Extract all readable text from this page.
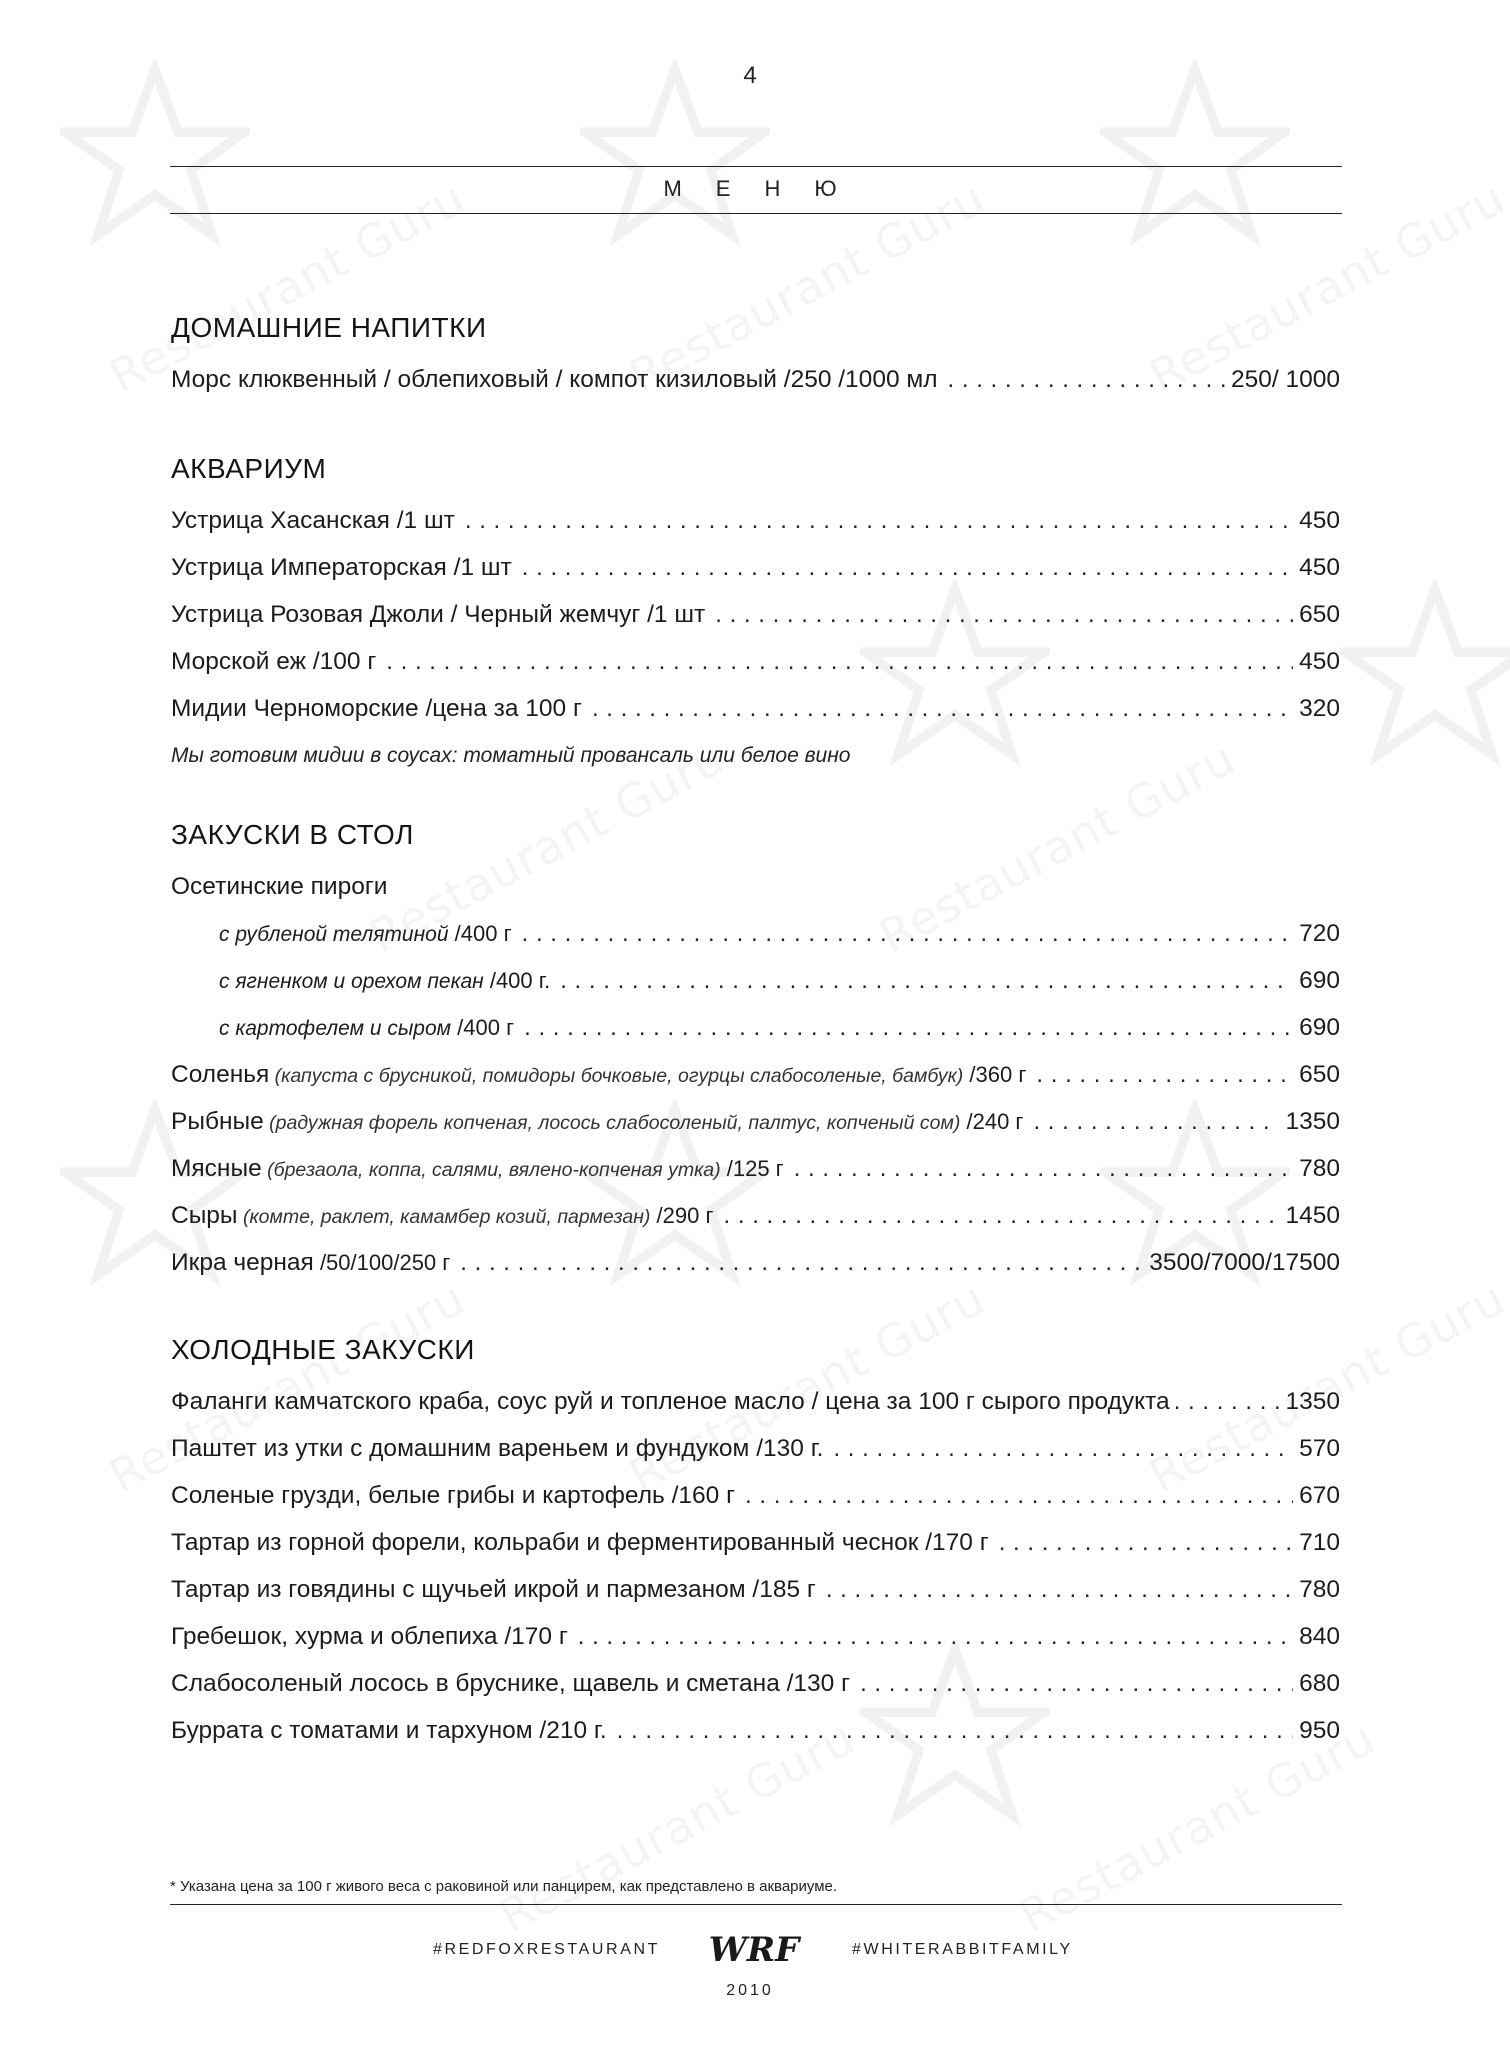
4
МЕНЮ
ДОМАШНИЕ НАПИТКИ
Морс клюквенный / облепиховый / компот кизиловый /250 /1000 мл . . .	250/ 1000
АКВАРИУМ
Устрица Хасанская /1 шт . . .	450
Устрица Императорская /1 шт . . .	450
Устрица Розовая Джоли / Черный жемчуг /1 шт . . .	650
Морской еж /100 г . . .	450
Мидии Черноморские /цена за 100 г . . .	320
Мы готовим мидии в соусах: томатный провансаль или белое вино
ЗАКУСКИ В СТОЛ
Осетинские пироги
с рубленой телятиной /400 г . . .	720
с ягненком и орехом пекан /400 г. . . .	690
с картофелем и сыром /400 г . . .	690
Соленья (капуста с брусникой, помидоры бочковые, огурцы слабосоленые, бамбук) /360 г . . .	650
Рыбные (радужная форель копченая, лосось слабосоленый, палтус, копченый сом) /240 г . . .	1350
Мясные (брезаола, коппа, салями, вялено-копченая утка) /125 г . . .	780
Сыры (комте, раклет, камамбер козий, пармезан) /290 г . . .	1450
Икра черная /50/100/250 г . . .	3500/7000/17500
ХОЛОДНЫЕ ЗАКУСКИ
Фаланги камчатского краба, соус руй и топленое масло / цена за 100 г сырого продукта . . .	1350
Паштет из утки с домашним вареньем и фундуком /130 г. . . .	570
Соленые грузди, белые грибы и картофель /160 г . . .	670
Тартар из горной форели, кольраби и ферментированный чеснок /170 г . . .	710
Тартар из говядины с щучьей икрой и пармезаном /185 г . . .	780
Гребешок, хурма и облепиха /170 г . . .	840
Слабосоленый лосось в бруснике, щавель и сметана /130 г . . .	680
Буррата с томатами и тархуном /210 г. . . .	950
* Указана цена за 100 г живого веса с раковиной или панцирем, как представлено в аквариуме.
#REDFOXRESTAURANT WRF	#WHITERABBITFAMILY
2010
